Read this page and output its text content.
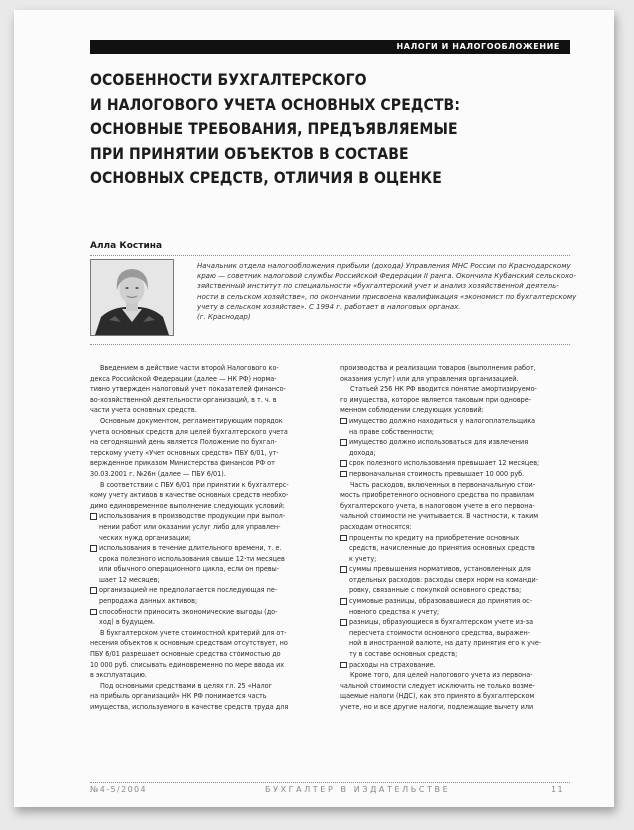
НАЛОГИ И НАЛОГООБЛОЖЕНИЕ
ОСОБЕННОСТИ БУХГАЛТЕРСКОГО
И НАЛОГОВОГО УЧЕТА ОСНОВНЫХ СРЕДСТВ:
ОСНОВНЫЕ ТРЕБОВАНИЯ, ПРЕДЪЯВЛЯЕМЫЕ
ПРИ ПРИНЯТИИ ОБЪЕКТОВ В СОСТАВЕ
ОСНОВНЫХ СРЕДСТВ, ОТЛИЧИЯ В ОЦЕНКЕ
Алла Костина
Начальник отдела налогообложения прибыли (дохода) Управления МНС России по Краснодарскому
краю — советник налоговой службы Российской Федерации II ранга. Окончила Кубанский сельскохо-
зяйственный институт по специальности «бухгалтерский учет и анализ хозяйственной деятель-
ности в сельском хозяйстве», по окончании присвоена квалификация «экономист по бухгалтерскому
учету в сельском хозяйстве». С 1994 г. работает в налоговых органах.
(г. Краснодар)
Введением в действие части второй Налогового ко-
декса Российской Федерации (далее — НК РФ) норма-
тивно утвержден налоговый учет показателей финансо-
во-хозяйственной деятельности организаций, в т. ч. в
части учета основных средств.
Основным документом, регламентирующим порядок
учета основных средств для целей бухгалтерского учета
на сегодняшний день является Положение по бухгал-
терскому учету «Учет основных средств» ПБУ 6/01, ут-
вержденное приказом Министерства финансов РФ от
30.03.2001 г. №26н (далее — ПБУ 6/01).
В соответствии с ПБУ 6/01 при принятии к бухгалтерс-
кому учету активов в качестве основных средств необхо-
димо единовременное выполнение следующих условий:
использования в производстве продукции при выпол-
нении работ или оказании услуг либо для управлен-
ческих нужд организации;
использования в течение длительного времени, т. е.
срока полезного использования свыше 12-ти месяцев
или обычного операционного цикла, если он превы-
шает 12 месяцев;
организацией не предполагается последующая пе-
репродажа данных активов;
способности приносить экономические выгоды (до-
ход) в будущем.
В бухгалтерском учете стоимостной критерий для от-
несения объектов к основным средствам отсутствует, но
ПБУ 6/01 разрешает основные средства стоимостью до
10 000 руб. списывать единовременно по мере ввода их
в эксплуатацию.
Под основными средствами в целях гл. 25 «Налог
на прибыль организаций» НК РФ понимается часть
имущества, используемого в качестве средств труда для
производства и реализации товаров (выполнения работ,
оказания услуг) или для управления организацией.
Статьей 256 НК РФ вводится понятие амортизируемо-
го имущества, которое является таковым при одновре-
менном соблюдении следующих условий:
имущество должно находиться у налогоплательщика
на праве собственности;
имущество должно использоваться для извлечения
дохода;
срок полезного использования превышает 12 месяцев;
первоначальная стоимость превышает 10 000 руб.
Часть расходов, включенных в первоначальную стои-
мость приобретенного основного средства по правилам
бухгалтерского учета, в налоговом учете в его первона-
чальной стоимости не учитывается. В частности, к таким
расходам относятся:
проценты по кредиту на приобретение основных
средств, начисленные до принятия основных средств
к учету;
суммы превышения нормативов, установленных для
отдельных расходов: расходы сверх норм на команди-
ровку, связанные с покупкой основного средства;
суммовые разницы, образовавшиеся до принятия ос-
новного средства к учету;
разницы, образующиеся в бухгалтерском учете из-за
пересчета стоимости основного средства, выражен-
ной в иностранной валюте, на дату принятия его к уче-
ту в составе основных средств;
расходы на страхование.
Кроме того, для целей налогового учета из первона-
чальной стоимости следует исключить не только возме-
щаемые налоги (НДС), как это принято в бухгалтерском
учете, но и все другие налоги, подлежащие вычету или
№4-5/2004	БУХГАЛТЕР В ИЗДАТЕЛЬСТВЕ	11
